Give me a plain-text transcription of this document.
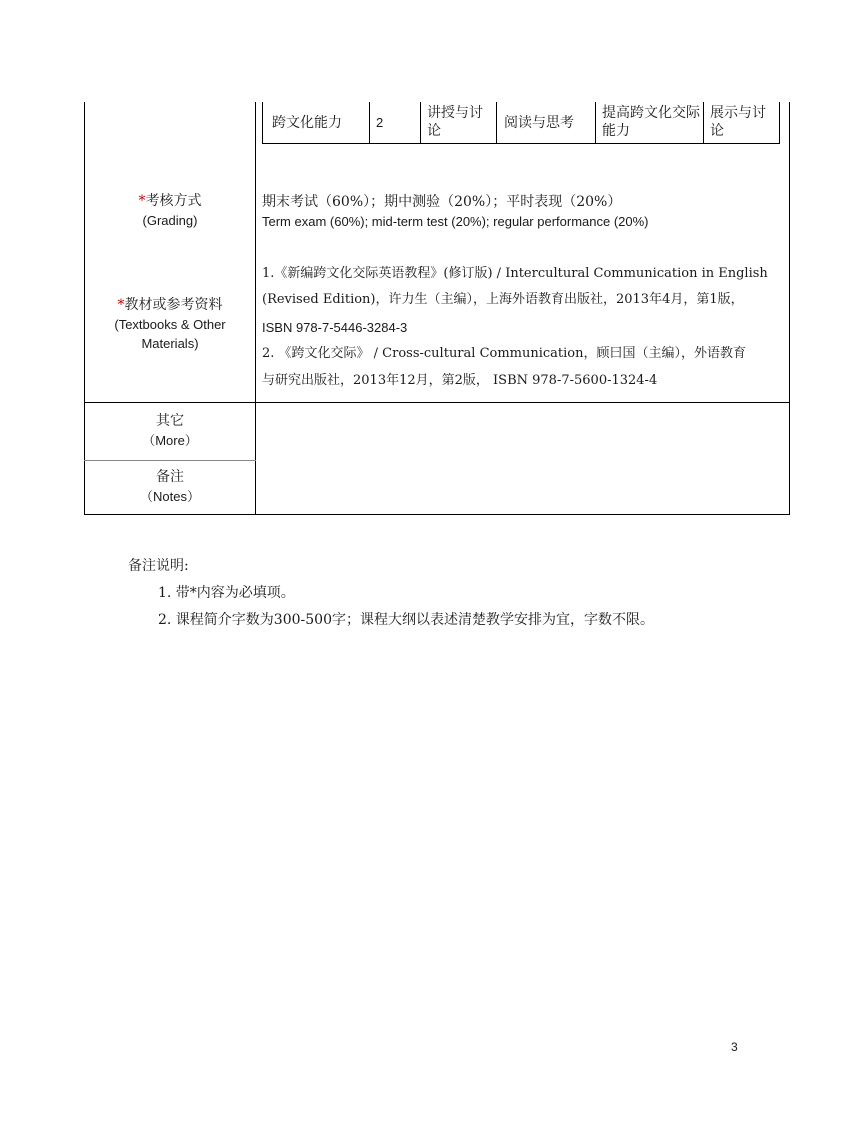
跨文化能力	2
讲授与讨论	阅读与思考
提高跨文化交际能力
展示与讨论
*考核方式
(Grading)
期末考试（60%）；期中测验（20%）；平时表现（20%）
Term exam (60%); mid-term test (20%); regular performance (20%)
*教材或参考资料
(Textbooks & Other
Materials)
1.《新编跨文化交际英语教程》(修订版) / Intercultural Communication in English
(Revised Edition)，许力生（主编），上海外语教育出版社，2013年4月，第1版，
ISBN 978-7-5446-3284-3
2. 《跨文化交际》 / Cross-cultural Communication，顾曰国（主编），外语教育
与研究出版社，2013年12月，第2版， ISBN 978-7-5600-1324-4
其它
（More）
备注
（Notes）
备注说明:
1. 带*内容为必填项。
2. 课程简介字数为300-500字；课程大纲以表述清楚教学安排为宜，字数不限。
3
